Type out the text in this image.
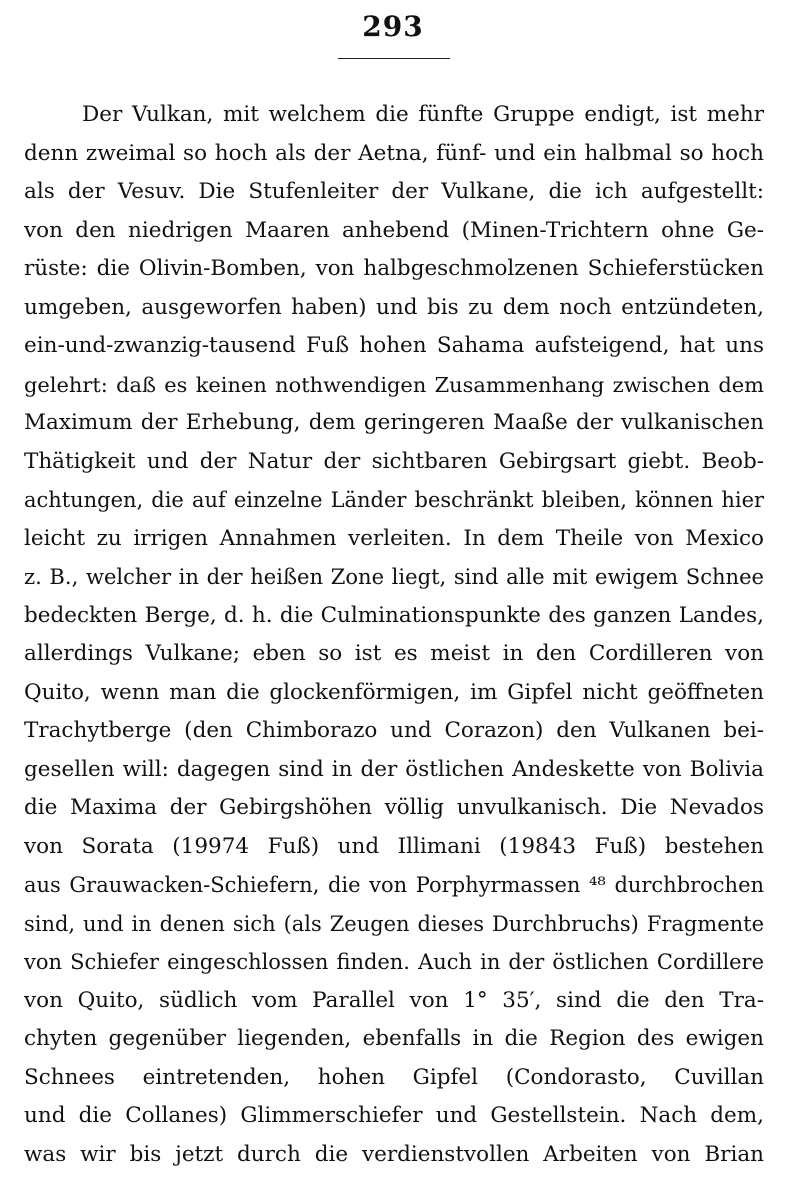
293
Der Vulkan, mit welchem die fünfte Gruppe endigt, ist mehr
denn zweimal so hoch als der Aetna, fünf- und ein halbmal so hoch
als der Vesuv. Die Stufenleiter der Vulkane, die ich aufgestellt:
von den niedrigen Maaren anhebend (Minen-Trichtern ohne Ge-
rüste: die Olivin-Bomben, von halbgeschmolzenen Schieferstücken
umgeben, ausgeworfen haben) und bis zu dem noch entzündeten,
ein-und-zwanzig-tausend Fuß hohen Sahama aufsteigend, hat uns
gelehrt: daß es keinen nothwendigen Zusammenhang zwischen dem
Maximum der Erhebung, dem geringeren Maaße der vulkanischen
Thätigkeit und der Natur der sichtbaren Gebirgsart giebt. Beob-
achtungen, die auf einzelne Länder beschränkt bleiben, können hier
leicht zu irrigen Annahmen verleiten. In dem Theile von Mexico
z. B., welcher in der heißen Zone liegt, sind alle mit ewigem Schnee
bedeckten Berge, d. h. die Culminationspunkte des ganzen Landes,
allerdings Vulkane; eben so ist es meist in den Cordilleren von
Quito, wenn man die glockenförmigen, im Gipfel nicht geöffneten
Trachytberge (den Chimborazo und Corazon) den Vulkanen bei-
gesellen will: dagegen sind in der östlichen Andeskette von Bolivia
die Maxima der Gebirgshöhen völlig unvulkanisch. Die Nevados
von Sorata (19974 Fuß) und Illimani (19843 Fuß) bestehen
aus Grauwacken-Schiefern, die von Porphyrmassen ⁴⁸ durchbrochen
sind, und in denen sich (als Zeugen dieses Durchbruchs) Fragmente
von Schiefer eingeschlossen finden. Auch in der östlichen Cordillere
von Quito, südlich vom Parallel von 1° 35′, sind die den Tra-
chyten gegenüber liegenden, ebenfalls in die Region des ewigen
Schnees eintretenden, hohen Gipfel (Condorasto, Cuvillan
und die Collanes) Glimmerschiefer und Gestellstein. Nach dem,
was wir bis jetzt durch die verdienstvollen Arbeiten von Brian
